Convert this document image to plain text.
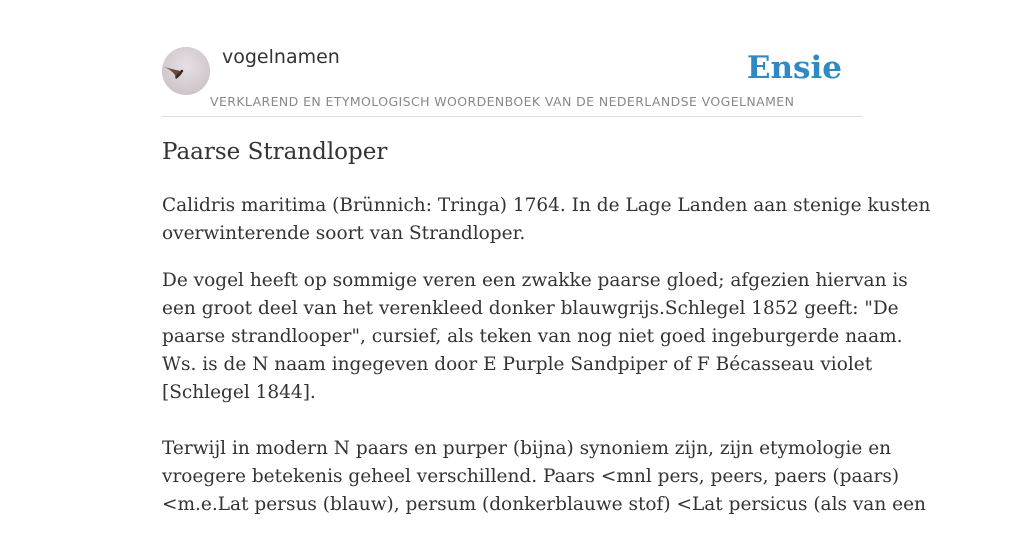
vogelnamen	Ensie
VERKLAREND EN ETYMOLOGISCH WOORDENBOEK VAN DE NEDERLANDSE VOGELNAMEN
Paarse Strandloper

Calidris maritima (Brünnich: Tringa) 1764. In de Lage Landen aan stenige kusten
overwinterende soort van Strandloper.

De vogel heeft op sommige veren een zwakke paarse gloed; afgezien hiervan is
een groot deel van het verenkleed donker blauwgrijs.Schlegel 1852 geeft: "De
paarse strandlooper", cursief, als teken van nog niet goed ingeburgerde naam.
Ws. is de N naam ingegeven door E Purple Sandpiper of F Bécasseau violet
[Schlegel 1844].
Terwijl in modern N paars en purper (bijna) synoniem zijn, zijn etymologie en
vroegere betekenis geheel verschillend. Paars <mnl pers, peers, paers (paars)
<m.e.Lat persus (blauw), persum (donkerblauwe stof) <Lat persicus (als van een
